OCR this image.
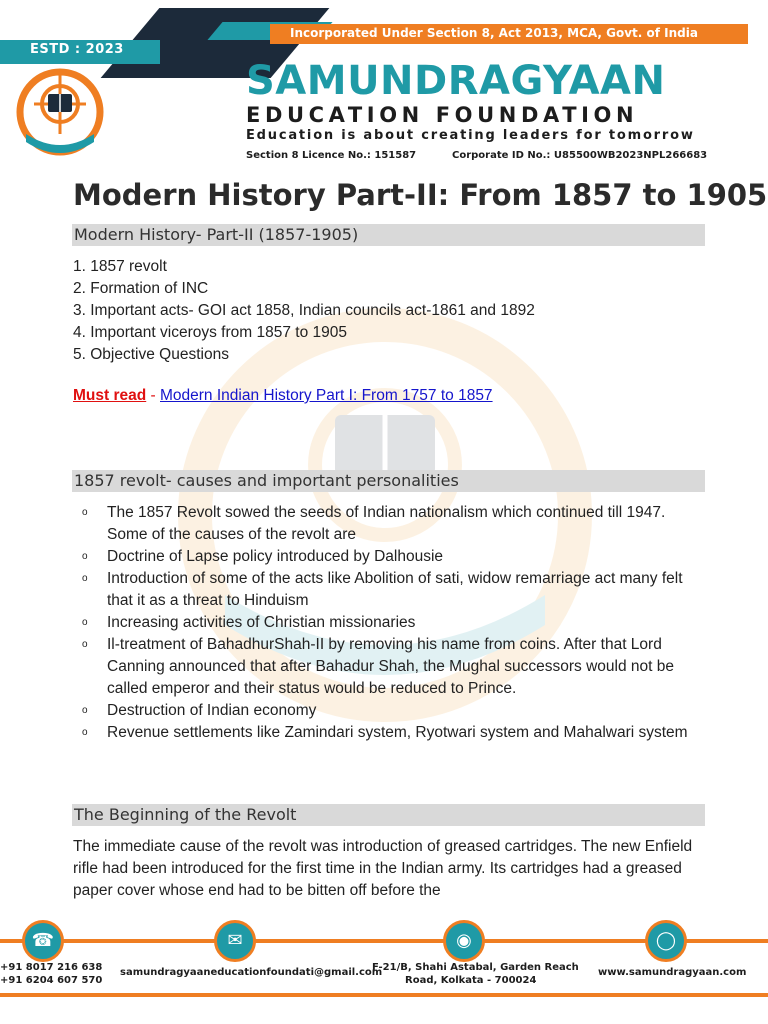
ESTD : 2023
Incorporated Under Section 8, Act 2013, MCA, Govt. of India
SAMUNDRAGYAAN
EDUCATION FOUNDATION
Education is about creating leaders for tomorrow
Section 8 Licence No.: 151587	Corporate ID No.: U85500WB2023NPL266683
Modern History Part-II: From 1857 to 1905
Modern History- Part-II (1857-1905)
1. 1857 revolt
2. Formation of INC
3. Important acts- GOI act 1858, Indian councils act-1861 and 1892
4. Important viceroys from 1857 to 1905
5. Objective Questions
Must read - Modern Indian History Part I: From 1757 to 1857
1857 revolt- causes and important personalities
o The 1857 Revolt sowed the seeds of Indian nationalism which continued till 1947. Some of the causes of the revolt are
o Doctrine of Lapse policy introduced by Dalhousie
o Introduction of some of the acts like Abolition of sati, widow remarriage act many felt that it as a threat to Hinduism
o Increasing activities of Christian missionaries
o Il-treatment of BahadhurShah-II by removing his name from coins. After that Lord Canning announced that after Bahadur Shah, the Mughal successors would not be called emperor and their status would be reduced to Prince.
o Destruction of Indian economy
o Revenue settlements like Zamindari system, Ryotwari system and Mahalwari system
The Beginning of the Revolt
The immediate cause of the revolt was introduction of greased cartridges. The new Enfield rifle had been introduced for the first time in the Indian army. Its cartridges had a greased paper cover whose end had to be bitten off before the
☎	✉	◉	◯
+91 8017 216 638
+91 6204 607 570
samundragyaaneducationfoundati@gmail.com
F-21/B, Shahi Astabal, Garden Reach
Road, Kolkata - 700024
www.samundragyaan.com
